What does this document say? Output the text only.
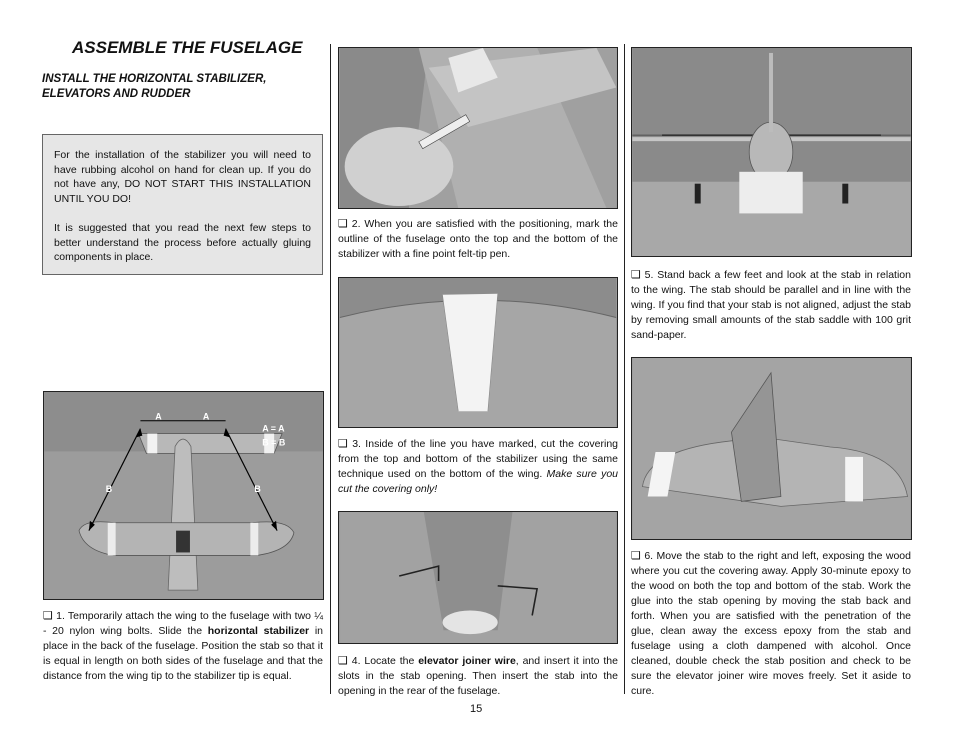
ASSEMBLE THE FUSELAGE
INSTALL THE HORIZONTAL STABILIZER, ELEVATORS AND RUDDER

For the installation of the stabilizer you will need to have rubbing alcohol on hand for clean up. If you do not have any, DO NOT START THIS INSTALLATION UNTIL YOU DO!

It is suggested that you read the next few steps to better understand the process before actually gluing components in place.

A	A
B	B
A = A
B = B
❑ 1. Temporarily attach the wing to the fuselage with two ¼ - 20 nylon wing bolts. Slide the horizontal stabilizer in place in the back of the fuselage. Position the stab so that it is equal in length on both sides of the fuselage and that the distance from the wing tip to the stabilizer tip is equal.
❑ 2. When you are satisfied with the positioning, mark the outline of the fuselage onto the top and the bottom of the stabilizer with a fine point felt-tip pen.
❑ 3. Inside of the line you have marked, cut the covering from the top and bottom of the stabilizer using the same technique used on the bottom of the wing. Make sure you cut the covering only!
❑ 4. Locate the elevator joiner wire, and insert it into the slots in the stab opening. Then insert the stab into the opening in the rear of the fuselage.
❑ 5. Stand back a few feet and look at the stab in relation to the wing. The stab should be parallel and in line with the wing. If you find that your stab is not aligned, adjust the stab by removing small amounts of the stab saddle with 100 grit sand-paper.
❑ 6. Move the stab to the right and left, exposing the wood where you cut the covering away. Apply 30-minute epoxy to the wood on both the top and bottom of the stab. Work the glue into the stab opening by moving the stab back and forth. When you are satisfied with the penetration of the glue, clean away the excess epoxy from the stab and fuselage using a cloth dampened with alcohol. Once cleaned, double check the stab position and check to be sure the elevator joiner wire moves freely. Set it aside to cure.
15
